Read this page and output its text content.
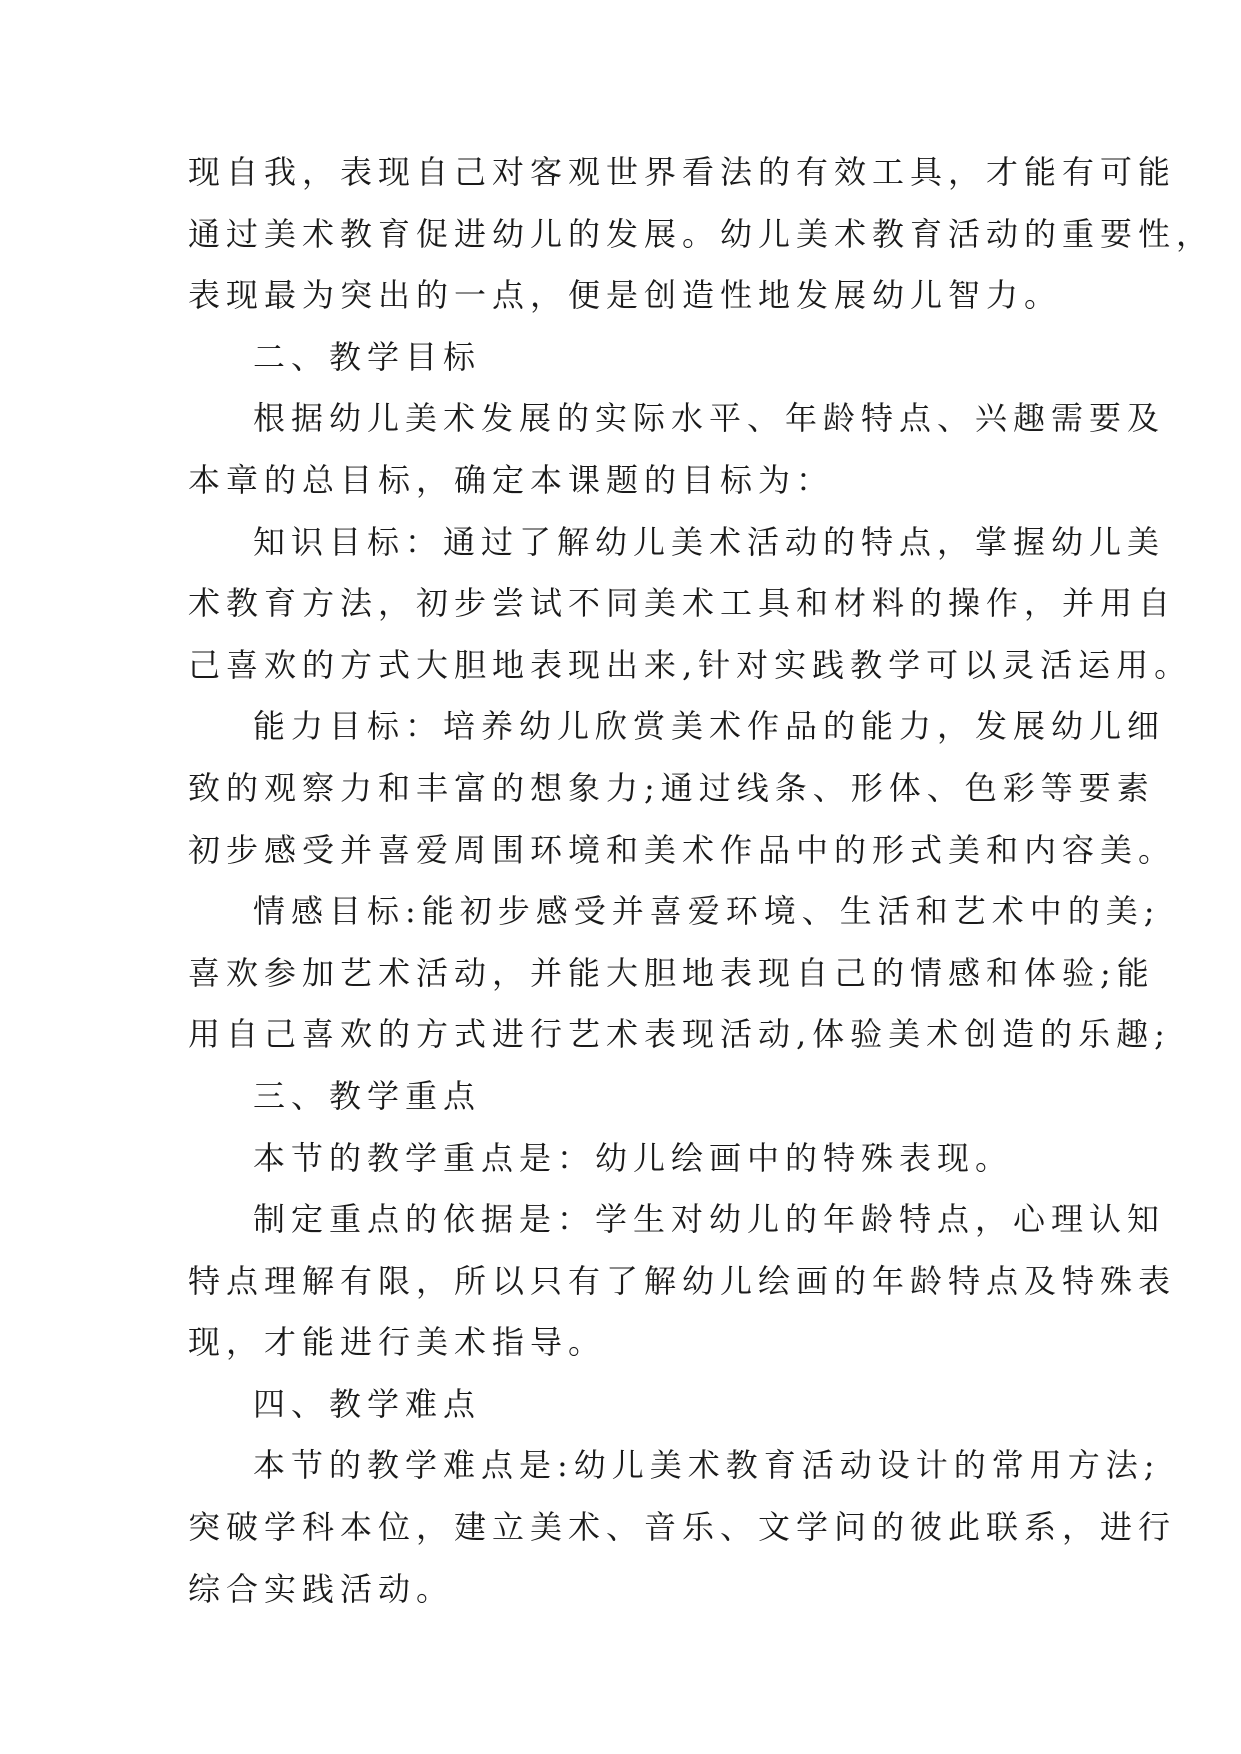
现自我，表现自己对客观世界看法的有效工具，才能有可能
通过美术教育促进幼儿的发展。幼儿美术教育活动的重要性，
表现最为突出的一点，便是创造性地发展幼儿智力。
二、教学目标
根据幼儿美术发展的实际水平、年龄特点、兴趣需要及
本章的总目标，确定本课题的目标为：
知识目标：通过了解幼儿美术活动的特点，掌握幼儿美
术教育方法，初步尝试不同美术工具和材料的操作，并用自
己喜欢的方式大胆地表现出来,针对实践教学可以灵活运用。
能力目标：培养幼儿欣赏美术作品的能力，发展幼儿细
致的观察力和丰富的想象力;通过线条、形体、色彩等要素
初步感受并喜爱周围环境和美术作品中的形式美和内容美。
情感目标:能初步感受并喜爱环境、生活和艺术中的美;
喜欢参加艺术活动，并能大胆地表现自己的情感和体验;能
用自己喜欢的方式进行艺术表现活动,体验美术创造的乐趣;
三、教学重点
本节的教学重点是：幼儿绘画中的特殊表现。
制定重点的依据是：学生对幼儿的年龄特点，心理认知
特点理解有限，所以只有了解幼儿绘画的年龄特点及特殊表
现，才能进行美术指导。
四、教学难点
本节的教学难点是:幼儿美术教育活动设计的常用方法;
突破学科本位，建立美术、音乐、文学问的彼此联系，进行
综合实践活动。
